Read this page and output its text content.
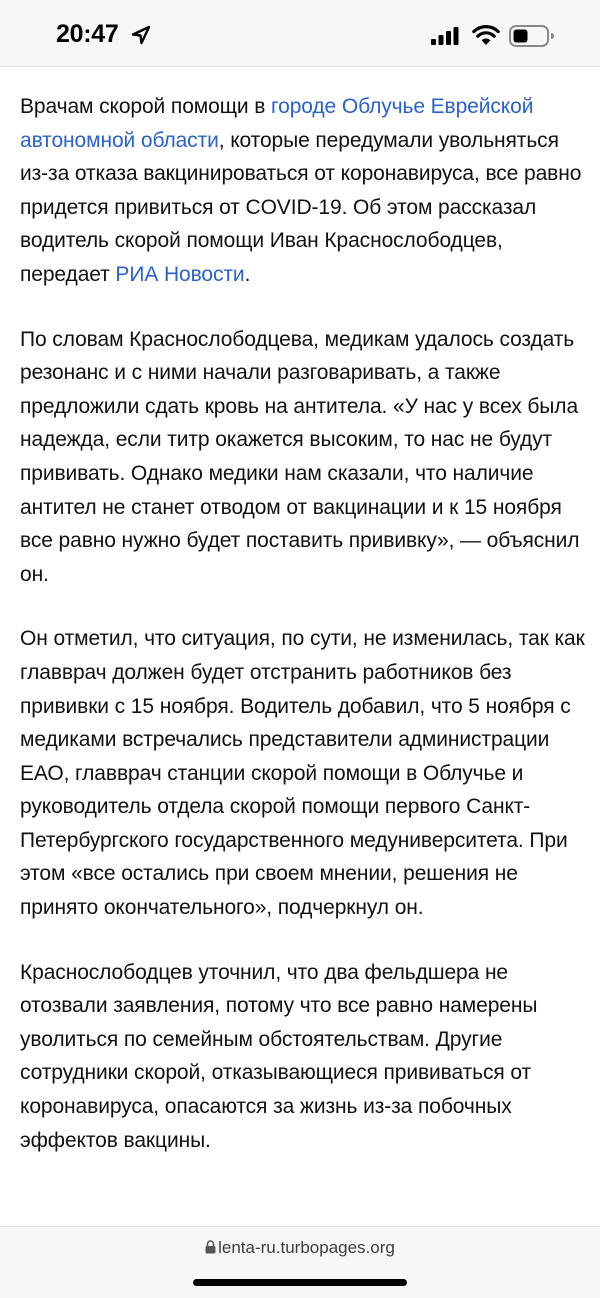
20:47

Врачам скорой помощи в городе Облучье Еврейской автономной области, которые передумали увольняться из-за отказа вакцинироваться от коронавируса, все равно придется привиться от COVID-19. Об этом рассказал водитель скорой помощи Иван Краснослободцев, передает РИА Новости.

По словам Краснослободцева, медикам удалось создать резонанс и с ними начали разговаривать, а также предложили сдать кровь на антитела. «У нас у всех была надежда, если титр окажется высоким, то нас не будут прививать. Однако медики нам сказали, что наличие антител не станет отводом от вакцинации и к 15 ноября все равно нужно будет поставить прививку», — объяснил он.

Он отметил, что ситуация, по сути, не изменилась, так как главврач должен будет отстранить работников без прививки с 15 ноября. Водитель добавил, что 5 ноября с медиками встречались представители администрации ЕАО, главврач станции скорой помощи в Облучье и руководитель отдела скорой помощи первого Санкт-Петербургского государственного медуниверситета. При этом «все остались при своем мнении, решения не принято окончательного», подчеркнул он.

Краснослободцев уточнил, что два фельдшера не отозвали заявления, потому что все равно намерены уволиться по семейным обстоятельствам. Другие сотрудники скорой, отказывающиеся прививаться от коронавируса, опасаются за жизнь из-за побочных эффектов вакцины.

lenta-ru.turbopages.org
